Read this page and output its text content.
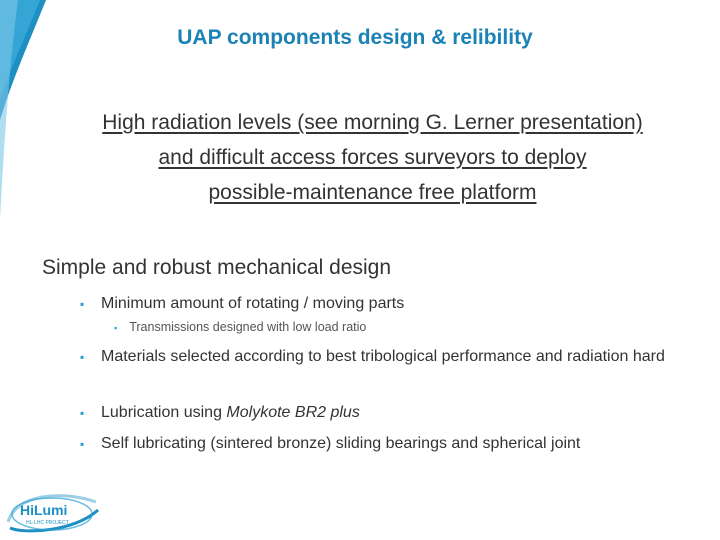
UAP components design & relibility
High radiation levels (see morning G. Lerner presentation)
and difficult access forces surveyors to deploy
possible-maintenance free platform
Simple and robust mechanical design
▪ Minimum amount of rotating / moving parts
▪ Transmissions designed with low load ratio
▪ Materials selected according to best tribological performance and radiation hard
▪ Lubrication using Molykote BR2 plus
▪ Self lubricating (sintered bronze) sliding bearings and spherical joint
HiLumi
HL-LHC PROJECT
